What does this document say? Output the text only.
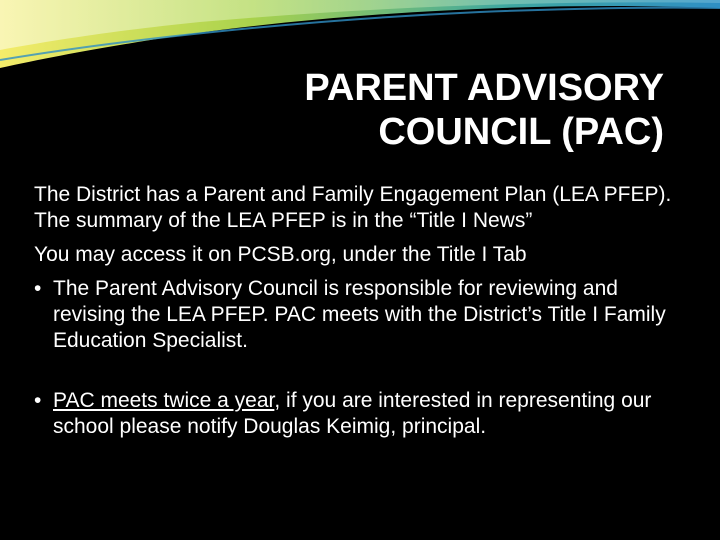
PARENT ADVISORY
COUNCIL (PAC)

The District has a Parent and Family Engagement Plan (LEA PFEP). The summary of the LEA PFEP is in the “Title I News”

You may access it on PCSB.org, under the Title I Tab

• The Parent Advisory Council is responsible for reviewing and revising the LEA PFEP. PAC meets with the District’s Title I Family Education Specialist.
• PAC meets twice a year, if you are interested in representing our school please notify Douglas Keimig, principal.
